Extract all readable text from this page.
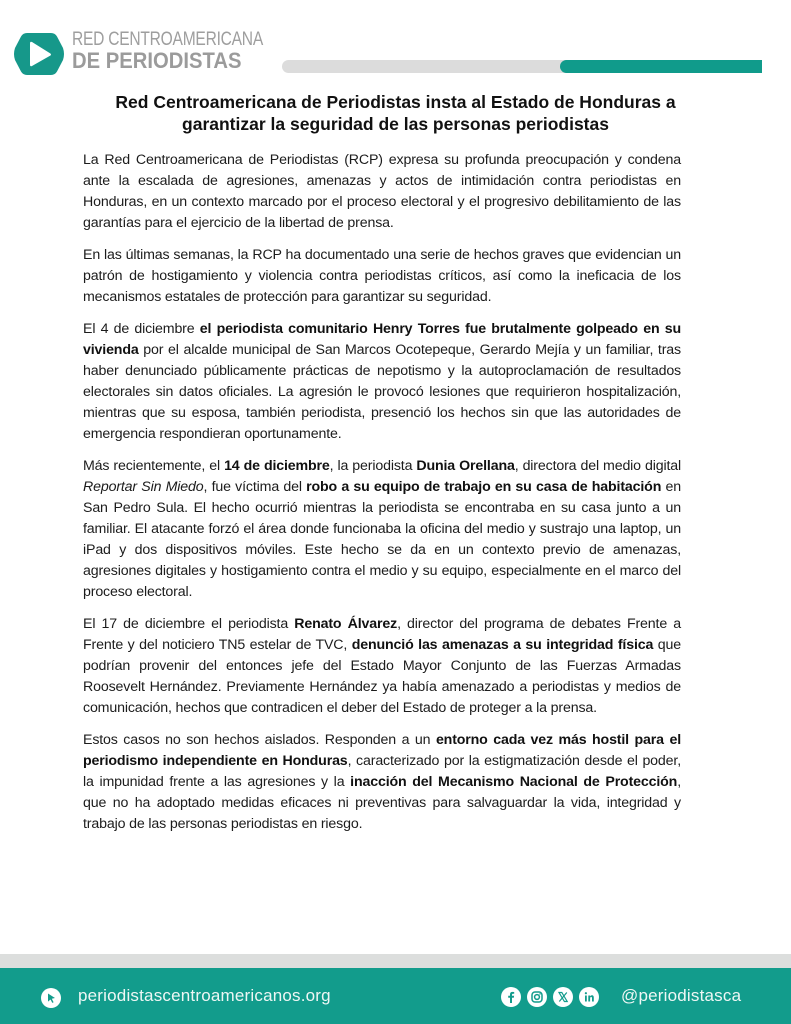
RED CENTROAMERICANA
DE PERIODISTAS
Red Centroamericana de Periodistas insta al Estado de Honduras a
garantizar la seguridad de las personas periodistas

La Red Centroamericana de Periodistas (RCP) expresa su profunda preocupación y condena ante la escalada de agresiones, amenazas y actos de intimidación contra periodistas en Honduras, en un contexto marcado por el proceso electoral y el progresivo debilitamiento de las garantías para el ejercicio de la libertad de prensa.

En las últimas semanas, la RCP ha documentado una serie de hechos graves que evidencian un patrón de hostigamiento y violencia contra periodistas críticos, así como la ineficacia de los mecanismos estatales de protección para garantizar su seguridad.

El 4 de diciembre el periodista comunitario Henry Torres fue brutalmente golpeado en su vivienda por el alcalde municipal de San Marcos Ocotepeque, Gerardo Mejía y un familiar, tras haber denunciado públicamente prácticas de nepotismo y la autoproclamación de resultados electorales sin datos oficiales. La agresión le provocó lesiones que requirieron hospitalización, mientras que su esposa, también periodista, presenció los hechos sin que las autoridades de emergencia respondieran oportunamente.

Más recientemente, el 14 de diciembre, la periodista Dunia Orellana, directora del medio digital Reportar Sin Miedo, fue víctima del robo a su equipo de trabajo en su casa de habitación en San Pedro Sula. El hecho ocurrió mientras la periodista se encontraba en su casa junto a un familiar. El atacante forzó el área donde funcionaba la oficina del medio y sustrajo una laptop, un iPad y dos dispositivos móviles. Este hecho se da en un contexto previo de amenazas, agresiones digitales y hostigamiento contra el medio y su equipo, especialmente en el marco del proceso electoral.

El 17 de diciembre el periodista Renato Álvarez, director del programa de debates Frente a Frente y del noticiero TN5 estelar de TVC, denunció las amenazas a su integridad física que podrían provenir del entonces jefe del Estado Mayor Conjunto de las Fuerzas Armadas Roosevelt Hernández. Previamente Hernández ya había amenazado a periodistas y medios de comunicación, hechos que contradicen el deber del Estado de proteger a la prensa.

Estos casos no son hechos aislados. Responden a un entorno cada vez más hostil para el periodismo independiente en Honduras, caracterizado por la estigmatización desde el poder, la impunidad frente a las agresiones y la inacción del Mecanismo Nacional de Protección, que no ha adoptado medidas eficaces ni preventivas para salvaguardar la vida, integridad y trabajo de las personas periodistas en riesgo.

periodistascentroamericanos.org	@periodistasca
